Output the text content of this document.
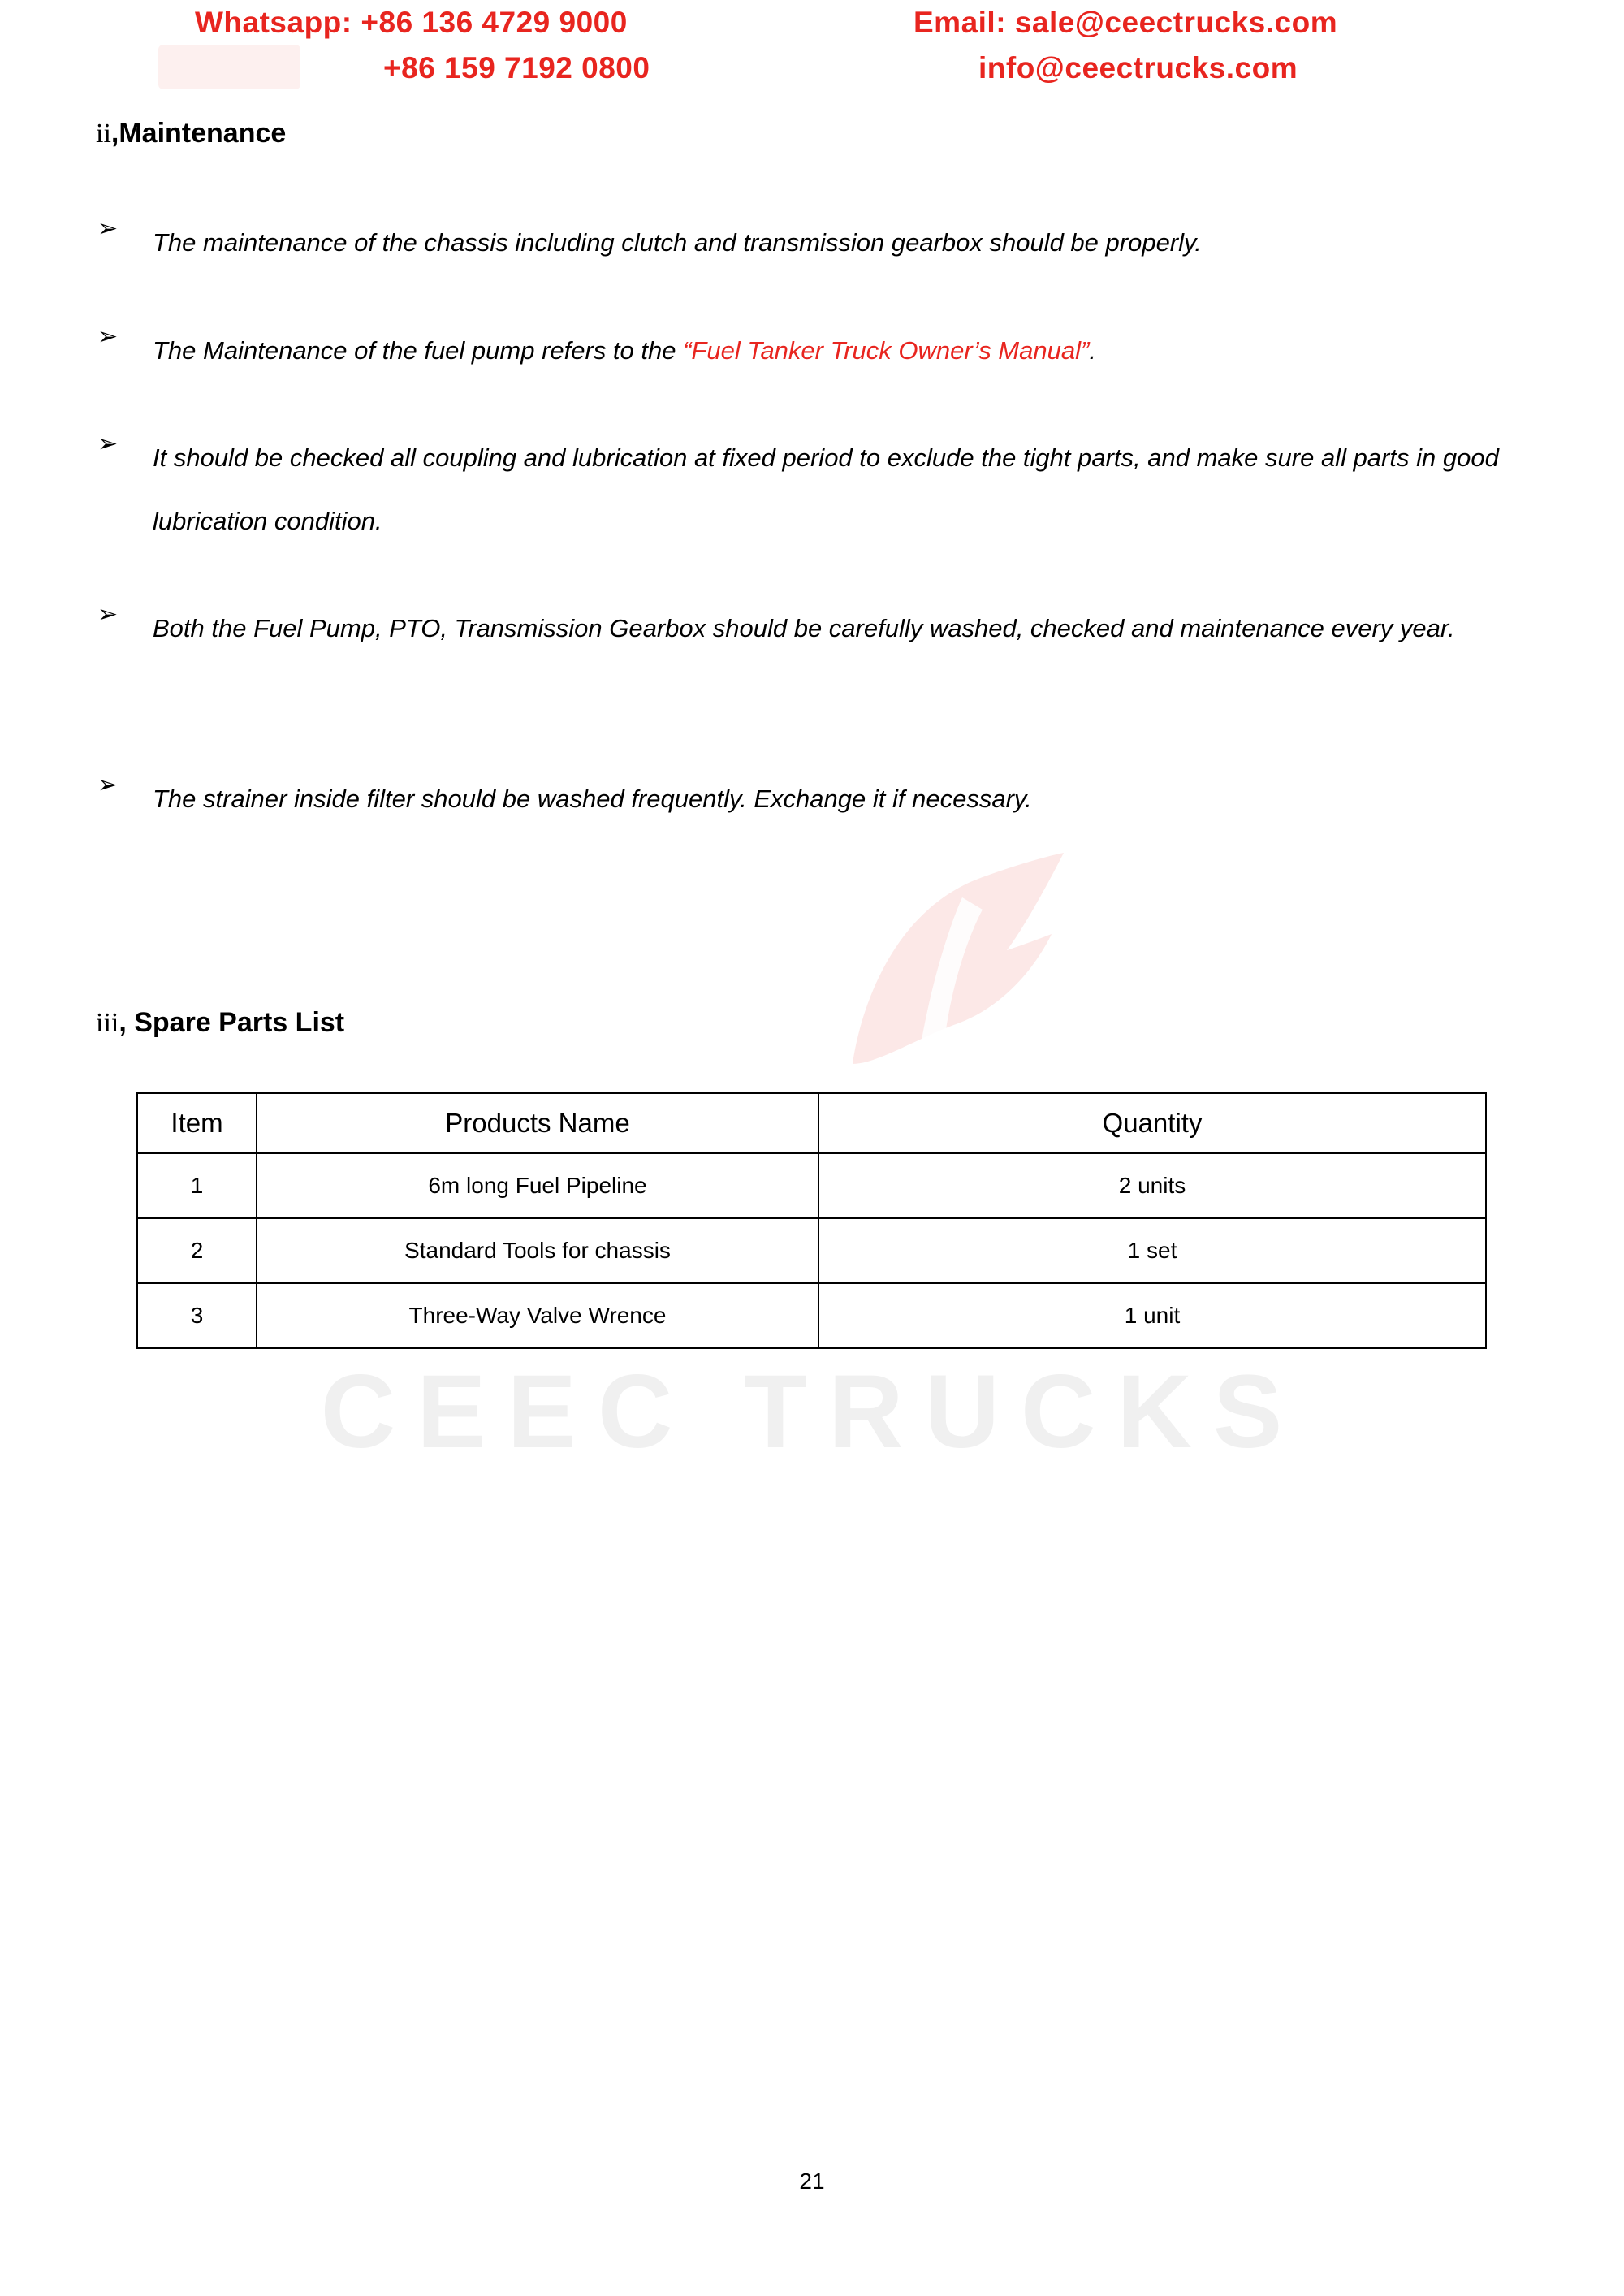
Whatsapp: +86 136 4729 9000
+86 159 7192 0800
Email: sale@ceectrucks.com
info@ceectrucks.com
ii,Maintenance
➢	The maintenance of the chassis including clutch and transmission gearbox should be properly.
➢	The Maintenance of the fuel pump refers to the “Fuel Tanker Truck Owner’s Manual”.
➢	It should be checked all coupling and lubrication at fixed period to exclude the tight parts, and make sure all parts in good lubrication condition.
➢	Both the Fuel Pump, PTO, Transmission Gearbox should be carefully washed, checked and maintenance every year.
➢	The strainer inside filter should be washed frequently. Exchange it if necessary.
iii, Spare Parts List
CEEC TRUCKS
Item	Products Name	Quantity
1	6m long Fuel Pipeline	2 units
2	Standard Tools for chassis	1 set
3	Three-Way Valve Wrence	1 unit
21
